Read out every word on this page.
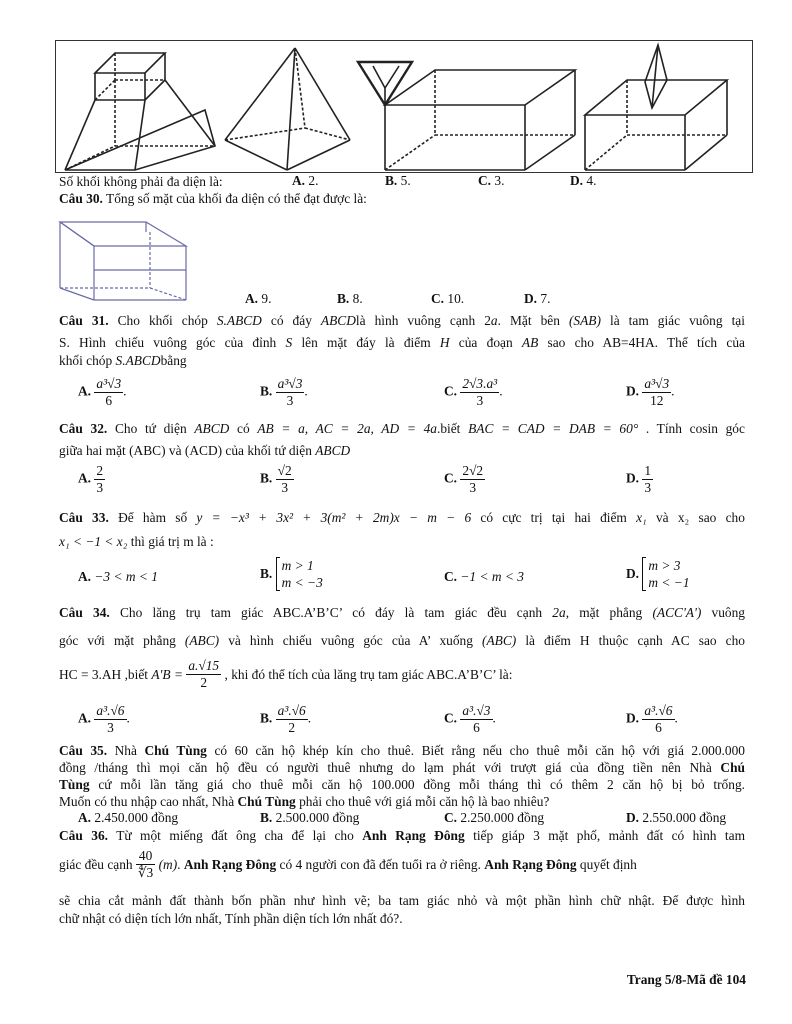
Số khối không phải đa diện là:	A. 2.	B. 5.	C. 3.	D. 4.
Câu 30. Tổng số mặt của khối đa diện có thể đạt được là:
A. 9.	B. 8.	C. 10.	D. 7.
Câu 31. Cho khối chóp S.ABCD có đáy ABCDlà hình vuông cạnh 2a. Mặt bên (SAB) là tam giác vuông tại
S. Hình chiếu vuông góc của đỉnh S lên mặt đáy là điểm H của đoạn AB sao cho AB=4HA. Thể tích của
khối chóp S.ABCDbằng
A. $\frac{\text{a³√3}}{6}$ .	B. $\frac{\text{a³√3}}{3}$ .	C. $\frac{\text{2√3.a³}}{3}$ .	D. $\frac{\text{a³√3}}{12}$ .
Câu 32. Cho tứ diện ABCD có AB = a, AC = 2a, AD = 4a.biết BAC = CAD = DAB = 60° . Tính cosin góc
giữa hai mặt (ABC) và (ACD) của khối tứ diện ABCD
A. $\frac{2}{3}$	B. $\frac{√2}{3}$	C. $\frac{2√2}{3}$	D. $\frac{1}{3}$
Câu 33. Để hàm số y = −x³ + 3x² + 3(m² + 2m)x − m − 6 có cực trị tại hai điểm x₁ và x₂ sao cho
x₁ < −1 < x₂ thì giá trị m là :
A. −3 < m < 1	B.
m > 1
m < −3	C. −1 < m < 3	D.
m > 3
m < −1
Câu 34. Cho lăng trụ tam giác ABC.A’B’C’ có đáy là tam giác đều cạnh 2a, mặt phẳng (ACC'A') vuông
góc với mặt phẳng (ABC) và hình chiếu vuông góc của A’ xuống (ABC) là điểm H thuộc cạnh AC sao cho
HC = 3.AH ,biết $A'B = \frac{a.√15}{2}$ , khi đó thể tích của lăng trụ tam giác ABC.A’B’C’ là:
A. $\frac{\text{a³.√6}}{3}$ .	B. $\frac{\text{a³.√6}}{2}$ .	C. $\frac{\text{a³.√3}}{6}$ .	D. $\frac{\text{a³.√6}}{6}$ .
Câu 35. Nhà Chú Tùng có 60 căn hộ khép kín cho thuê. Biết rằng nếu cho thuê mỗi căn hộ với giá 2.000.000
đồng /tháng thì mọi căn hộ đều có người thuê nhưng do lạm phát với trượt giá của đồng tiền nên Nhà Chú
Tùng cứ mỗi lần tăng giá cho thuê mỗi căn hộ 100.000 đồng mỗi tháng thì có thêm 2 căn hộ bị bỏ trống.
Muốn có thu nhập cao nhất, Nhà Chú Tùng phải cho thuê với giá mỗi căn hộ là bao nhiêu?
A. 2.450.000 đồng	B. 2.500.000 đồng	C. 2.250.000 đồng	D. 2.550.000 đồng
Câu 36. Từ một miếng đất ông cha để lại cho Anh Rạng Đông tiếp giáp 3 mặt phố, mảnh đất có hình tam
giác đều cạnh $\frac{40}{∜3} (m)$. Anh Rạng Đông có 4 người con đã đến tuổi ra ở riêng. Anh Rạng Đông quyết định
sẽ chia cắt mảnh đất thành bốn phần như hình vẽ; ba tam giác nhỏ và một phần hình chữ nhật. Để được hình
chữ nhật có diện tích lớn nhất, Tính phần diện tích lớn nhất đó?.
Trang 5/8-Mã đề 104
